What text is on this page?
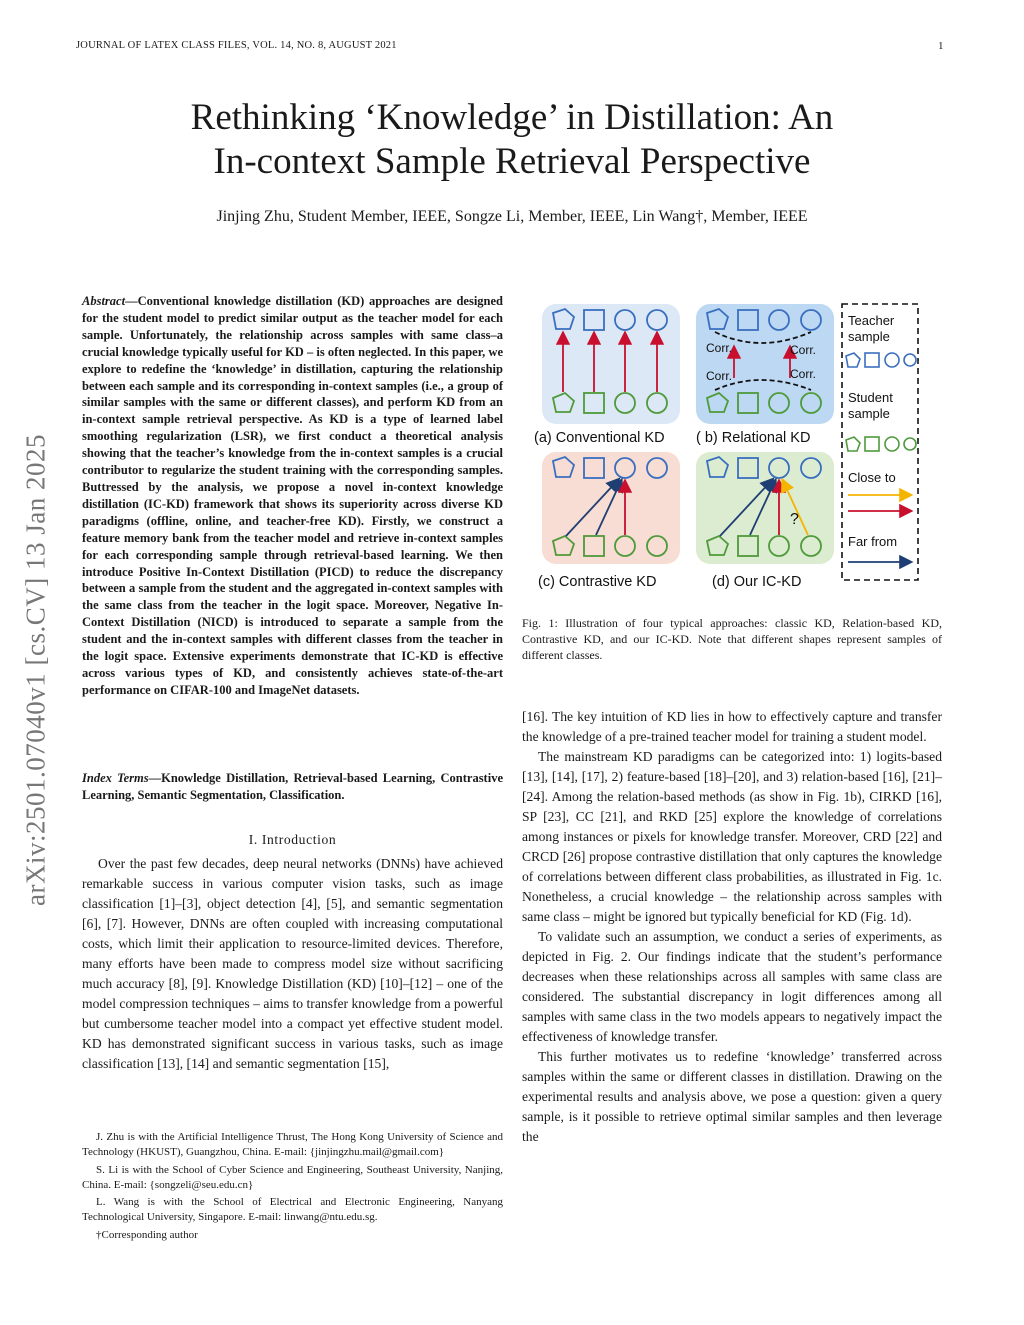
JOURNAL OF LATEX CLASS FILES, VOL. 14, NO. 8, AUGUST 2021	1
Rethinking ‘Knowledge’ in Distillation: An
In-context Sample Retrieval Perspective
Jinjing Zhu, Student Member, IEEE, Songze Li, Member, IEEE, Lin Wang†, Member, IEEE
arXiv:2501.07040v1 [cs.CV] 13 Jan 2025
Abstract—Conventional knowledge distillation (KD) approaches are designed for the student model to predict similar output as the teacher model for each sample. Unfortunately, the relationship across samples with same class–a crucial knowledge typically useful for KD – is often neglected. In this paper, we explore to redefine the ‘knowledge’ in distillation, capturing the relationship between each sample and its corresponding in-context samples (i.e., a group of similar samples with the same or different classes), and perform KD from an in-context sample retrieval perspective. As KD is a type of learned label smoothing regularization (LSR), we first conduct a theoretical analysis showing that the teacher’s knowledge from the in-context samples is a crucial contributor to regularize the student training with the corresponding samples. Buttressed by the analysis, we propose a novel in-context knowledge distillation (IC-KD) framework that shows its superiority across diverse KD paradigms (offline, online, and teacher-free KD). Firstly, we construct a feature memory bank from the teacher model and retrieve in-context samples for each corresponding sample through retrieval-based learning. We then introduce Positive In-Context Distillation (PICD) to reduce the discrepancy between a sample from the student and the aggregated in-context samples with the same class from the teacher in the logit space. Moreover, Negative In-Context Distillation (NICD) is introduced to separate a sample from the student and the in-context samples with different classes from the teacher in the logit space. Extensive experiments demonstrate that IC-KD is effective across various types of KD, and consistently achieves state-of-the-art performance on CIFAR-100 and ImageNet datasets.
Index Terms—Knowledge Distillation, Retrieval-based Learning, Contrastive Learning, Semantic Segmentation, Classification.
I. Introduction

Over the past few decades, deep neural networks (DNNs) have achieved remarkable success in various computer vision tasks, such as image classification [1]–[3], object detection [4], [5], and semantic segmentation [6], [7]. However, DNNs are often coupled with increasing computational costs, which limit their application to resource-limited devices. Therefore, many efforts have been made to compress model size without sacrificing much accuracy [8], [9]. Knowledge Distillation (KD) [10]–[12] – one of the model compression techniques – aims to transfer knowledge from a powerful but cumbersome teacher model into a compact yet effective student model. KD has demonstrated significant success in various tasks, such as image classification [13], [14] and semantic segmentation [15],

J. Zhu is with the Artificial Intelligence Thrust, The Hong Kong University of Science and Technology (HKUST), Guangzhou, China. E-mail: {jinjingzhu.mail@gmail.com}

S. Li is with the School of Cyber Science and Engineering, Southeast University, Nanjing, China. E-mail: {songzeli@seu.edu.cn}

L. Wang is with the School of Electrical and Electronic Engineering, Nanyang Technological University, Singapore. E-mail: linwang@ntu.edu.sg.

†Corresponding author

(a) Conventional KD
Corr.	Corr.
Corr.	Corr.
( b) Relational KD
(c) Contrastive KD
?
(d) Our IC-KD
Teacher
sample
Student
sample
Close to
Far from
Fig. 1: Illustration of four typical approaches: classic KD, Relation-based KD, Contrastive KD, and our IC-KD. Note that different shapes represent samples of different classes.

[16]. The key intuition of KD lies in how to effectively capture and transfer the knowledge of a pre-trained teacher model for training a student model.

The mainstream KD paradigms can be categorized into: 1) logits-based [13], [14], [17], 2) feature-based [18]–[20], and 3) relation-based [16], [21]–[24]. Among the relation-based methods (as show in Fig. 1b), CIRKD [16], SP [23], CC [21], and RKD [25] explore the knowledge of correlations among instances or pixels for knowledge transfer. Moreover, CRD [22] and CRCD [26] propose contrastive distillation that only captures the knowledge of correlations between different class probabilities, as illustrated in Fig. 1c. Nonetheless, a crucial knowledge – the relationship across samples with same class – might be ignored but typically beneficial for KD (Fig. 1d).

To validate such an assumption, we conduct a series of experiments, as depicted in Fig. 2. Our findings indicate that the student’s performance decreases when these relationships across all samples with same class are considered. The substantial discrepancy in logit differences among all samples with same class in the two models appears to negatively impact the effectiveness of knowledge transfer.

This further motivates us to redefine ‘knowledge’ transferred across samples within the same or different classes in distillation. Drawing on the experimental results and analysis above, we pose a question: given a query sample, is it possible to retrieve optimal similar samples and then leverage the
